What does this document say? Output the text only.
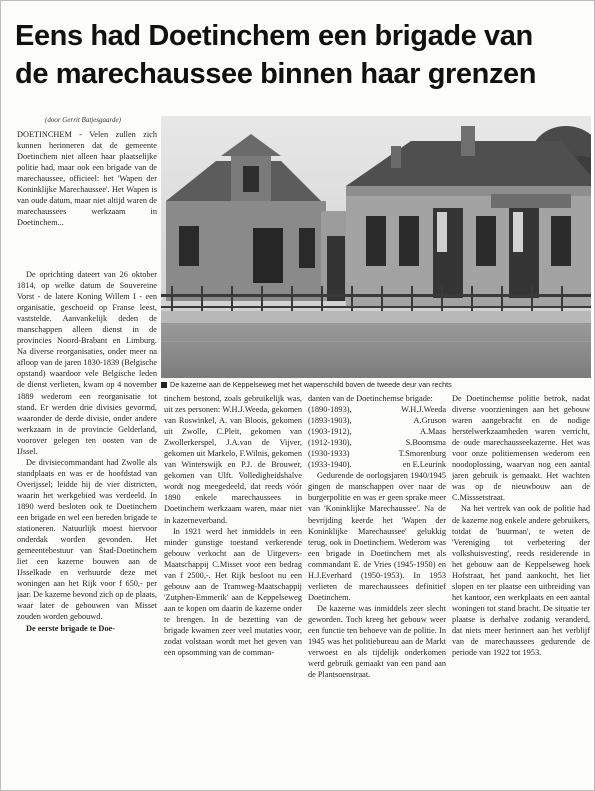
Eens had Doetinchem een brigade van
de marechaussee binnen haar grenzen
(door Gerrit Batjesgaarde)

DOETINCHEM - Velen zullen zich kunnen herinneren dat de gemeente Doetinchem niet alleen haar plaatselijke politie had, maar ook een brigade van de marechaussee, officieel: het 'Wapen der Koninklijke Marechaussee'. Het Wapen is van oude datum, maar niet altijd waren de marechaussees werkzaam in Doetinchem...

De kazerne aan de Keppelseweg met het wapenschild boven de tweede deur van rechts

De oprichting dateert van 26 oktober 1814, op welke datum de Souvereine Vorst - de latere Koning Willem I - een organisatie, geschoeid op Franse leest, vaststelde. Aanvankelijk deden de manschappen alleen dienst in de provincies Noord-Brabant en Limburg. Na diverse reorganisaties, onder meer na afloop van de jaren 1830-1839 (Belgische opstand) waardoor vele Belgische leden de dienst verlieten, kwam op 4 november 1889 wederom een reorganisatie tot stand. Er werden drie divisies gevormd, waaronder de derde divisie, onder andere werkzaam in de provincie Gelderland, voorover gelegen ten oosten van de IJssel.

De divisiecommandant had Zwolle als standplaats en was er de hoofdstad van Overijssel; leidde hij de vier districten, waarin het werkgebied was verdeeld. In 1890 werd besloten ook te Doetinchem een brigade en wel een bereden brigade te stationeren. Natuurlijk moest hiervoor onderdak worden gevonden. Het gemeentebestuur van Stad-Doetinchem liet een kazerne bouwen aan de IJsselkade en verhuurde deze met woningen aan het Rijk voor f 650,- per jaar. De kazerne bevond zich op de plaats, waar later de gebouwen van Misset zouden worden gebouwd.

De eerste brigade te Doe-

tinchem bestond, zoals gebruikelijk was, uit zes personen: W.H.J.Weeda, gekomen van Roswinkel, A. van Bloois, gekomen uit Zwolle, C.Pleit, gekomen van Zwollerkerspel, J.A.van de Vijver, gekomen uit Markelo, F.Wilnis, gekomen van Winterswijk en P.J. de Brouwer, gekomen van Ulft. Volledigheidshalve wordt nog meegedeeld, dat reeds vóór 1890 enkele marechaussees in Doetinchem werkzaam waren, maar niet in kazerneverband.

In 1921 werd het inmiddels in een minder gunstige toestand verkerende gebouw verkocht aan de Uitgevers-Maatschappij C.Misset voor een bedrag van f 2500,-. Het Rijk besloot nu een gebouw aan de Tramweg-Maatschappij 'Zutphen-Emmerik' aan de Keppelseweg aan te kopen om daarin de kazerne onder te brengen. In de bezetting van de brigade kwamen zeer veel mutaties voor, zodat volstaan wordt met het geven van een opsomming van de comman-

danten van de Doetinchemse brigade:

(1890-1893),	W.H.J.Weeda
(1893-1903),	A.Gruson
(1903-1912),	A.Maas
(1912-1930),	S.Boomsma
(1930-1933)	T.Smorenburg
(1933-1940).	en E.Leurink

Gedurende de oorlogsjaren 1940/1945 gingen de manschappen over naar de burgerpolitie en was er geen sprake meer van 'Koninklijke Marechaussee'. Na de bevrijding keerde het 'Wapen der Koninklijke Marechaussee' gelukkig terug, ook in Doetinchem. Wederom was een brigade in Doetinchem met als commandant E. de Vries (1945-1950) en H.J.Everhard (1950-1953). In 1953 verlieten de marechaussees definitief Doetinchem.

De kazerne was inmiddels zeer slecht geworden. Toch kreeg het gebouw weer een functie ten behoeve van de politie. In 1945 was het politiebureau aan de Markt verwoest en als tijdelijk onderkomen werd gebruik gemaakt van een pand aan de Plantsoenstraat.

De Doetinchemse politie betrok, nadat diverse voorzieningen aan het gebouw waren aangebracht en de nodige herstelwerkzaamheden waren verricht, de oude marechausseekazerne. Het was voor onze politiemensen wederom een noodoplossing, waarvan nog een aantal jaren gebruik is gemaakt. Het wachten was op de nieuwbouw aan de C.Misssetstraat.

Na het vertrek van ook de politie had de kazerne nog enkele andere gebruikers, totdat de 'buurman', te weten de 'Vereniging tot verbetering der volkshuisvesting', reeds residerende in het gebouw aan de Keppelseweg hoek Hofstraat, het pand aankocht, het liet slopen en ter plaatse een uitbreiding van het kantoor, een werkplaats en een aantal woningen tot stand bracht. De situatie ter plaatse is derhalve zodanig veranderd, dat niets meer herinnert aan het verblijf van de marechaussees gedurende de periode van 1922 tot 1953.
